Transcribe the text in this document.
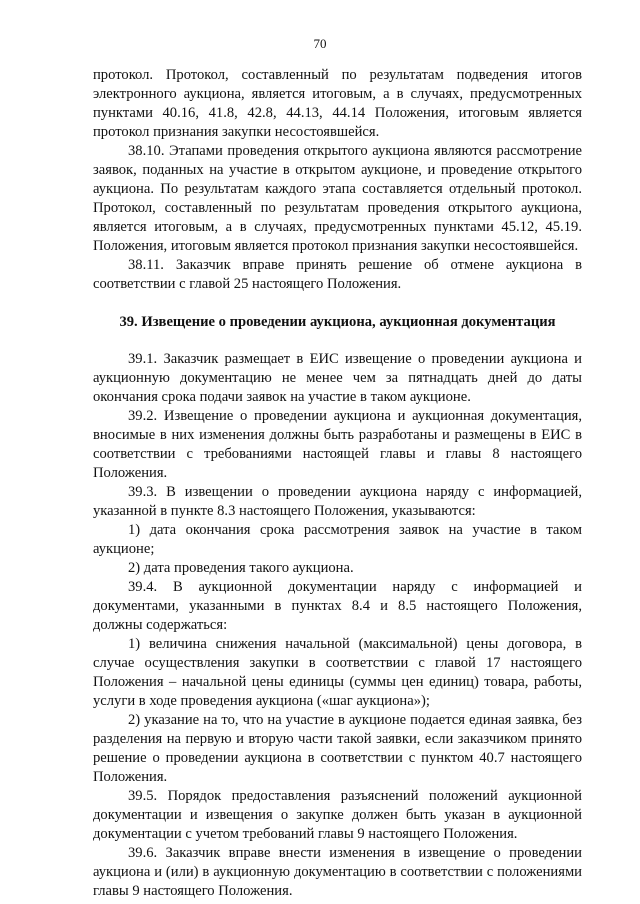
70

протокол. Протокол, составленный по результатам подведения итогов электронного аукциона, является итоговым, а в случаях, предусмотренных пунктами 40.16, 41.8, 42.8, 44.13, 44.14 Положения, итоговым является протокол признания закупки несостоявшейся.

38.10. Этапами проведения открытого аукциона являются рассмотрение заявок, поданных на участие в открытом аукционе, и проведение открытого аукциона. По результатам каждого этапа составляется отдельный протокол. Протокол, составленный по результатам проведения открытого аукциона, является итоговым, а в случаях, предусмотренных пунктами 45.12, 45.19. Положения, итоговым является протокол признания закупки несостоявшейся.

38.11. Заказчик вправе принять решение об отмене аукциона в соответствии с главой 25 настоящего Положения.

39. Извещение о проведении аукциона, аукционная документация

39.1. Заказчик размещает в ЕИС извещение о проведении аукциона и аукционную документацию не менее чем за пятнадцать дней до даты окончания срока подачи заявок на участие в таком аукционе.

39.2. Извещение о проведении аукциона и аукционная документация, вносимые в них изменения должны быть разработаны и размещены в ЕИС в соответствии с требованиями настоящей главы и главы 8 настоящего Положения.

39.3. В извещении о проведении аукциона наряду с информацией, указанной в пункте 8.3 настоящего Положения, указываются:

1) дата окончания срока рассмотрения заявок на участие в таком аукционе;

2) дата проведения такого аукциона.

39.4. В аукционной документации наряду с информацией и документами, указанными в пунктах 8.4 и 8.5 настоящего Положения, должны содержаться:

1) величина снижения начальной (максимальной) цены договора, в случае осуществления закупки в соответствии с главой 17 настоящего Положения – начальной цены единицы (суммы цен единиц) товара, работы, услуги в ходе проведения аукциона («шаг аукциона»);

2) указание на то, что на участие в аукционе подается единая заявка, без разделения на первую и вторую части такой заявки, если заказчиком принято решение о проведении аукциона в соответствии с пунктом 40.7 настоящего Положения.

39.5. Порядок предоставления разъяснений положений аукционной документации и извещения о закупке должен быть указан в аукционной документации с учетом требований главы 9 настоящего Положения.

39.6. Заказчик вправе внести изменения в извещение о проведении аукциона и (или) в аукционную документацию в соответствии с положениями главы 9 настоящего Положения.
